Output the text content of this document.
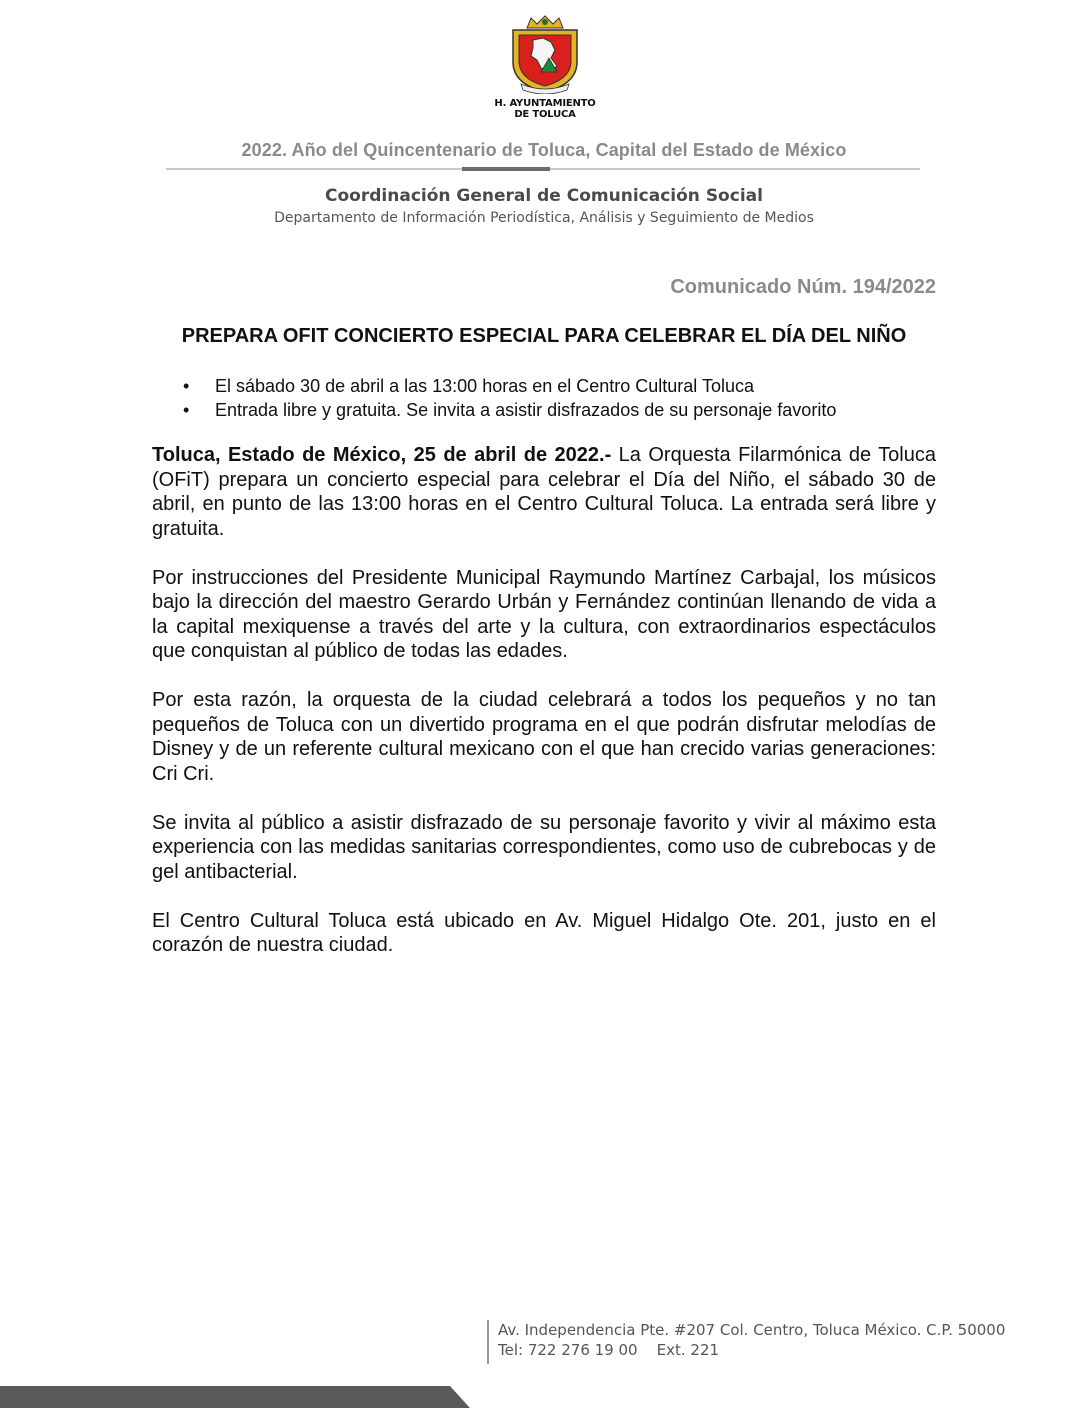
H. AYUNTAMIENTO
DE TOLUCA
2022. Año del Quincentenario de Toluca, Capital del Estado de México
Coordinación General de Comunicación Social
Departamento de Información Periodística, Análisis y Seguimiento de Medios
Comunicado Núm. 194/2022
PREPARA OFIT CONCIERTO ESPECIAL PARA CELEBRAR EL DÍA DEL NIÑO
• El sábado 30 de abril a las 13:00 horas en el Centro Cultural Toluca
• Entrada libre y gratuita. Se invita a asistir disfrazados de su personaje favorito

Toluca, Estado de México, 25 de abril de 2022.- La Orquesta Filarmónica de Toluca (OFiT) prepara un concierto especial para celebrar el Día del Niño, el sábado 30 de abril, en punto de las 13:00 horas en el Centro Cultural Toluca. La entrada será libre y gratuita.

Por instrucciones del Presidente Municipal Raymundo Martínez Carbajal, los músicos bajo la dirección del maestro Gerardo Urbán y Fernández continúan llenando de vida a la capital mexiquense a través del arte y la cultura, con extraordinarios espectáculos que conquistan al público de todas las edades.

Por esta razón, la orquesta de la ciudad celebrará a todos los pequeños y no tan pequeños de Toluca con un divertido programa en el que podrán disfrutar melodías de Disney y de un referente cultural mexicano con el que han crecido varias generaciones: Cri Cri.

Se invita al público a asistir disfrazado de su personaje favorito y vivir al máximo esta experiencia con las medidas sanitarias correspondientes, como uso de cubrebocas y de gel antibacterial.

El Centro Cultural Toluca está ubicado en Av. Miguel Hidalgo Ote. 201, justo en el corazón de nuestra ciudad.

Av. Independencia Pte. #207 Col. Centro, Toluca México. C.P. 50000
Tel: 722 276 19 00    Ext. 221
